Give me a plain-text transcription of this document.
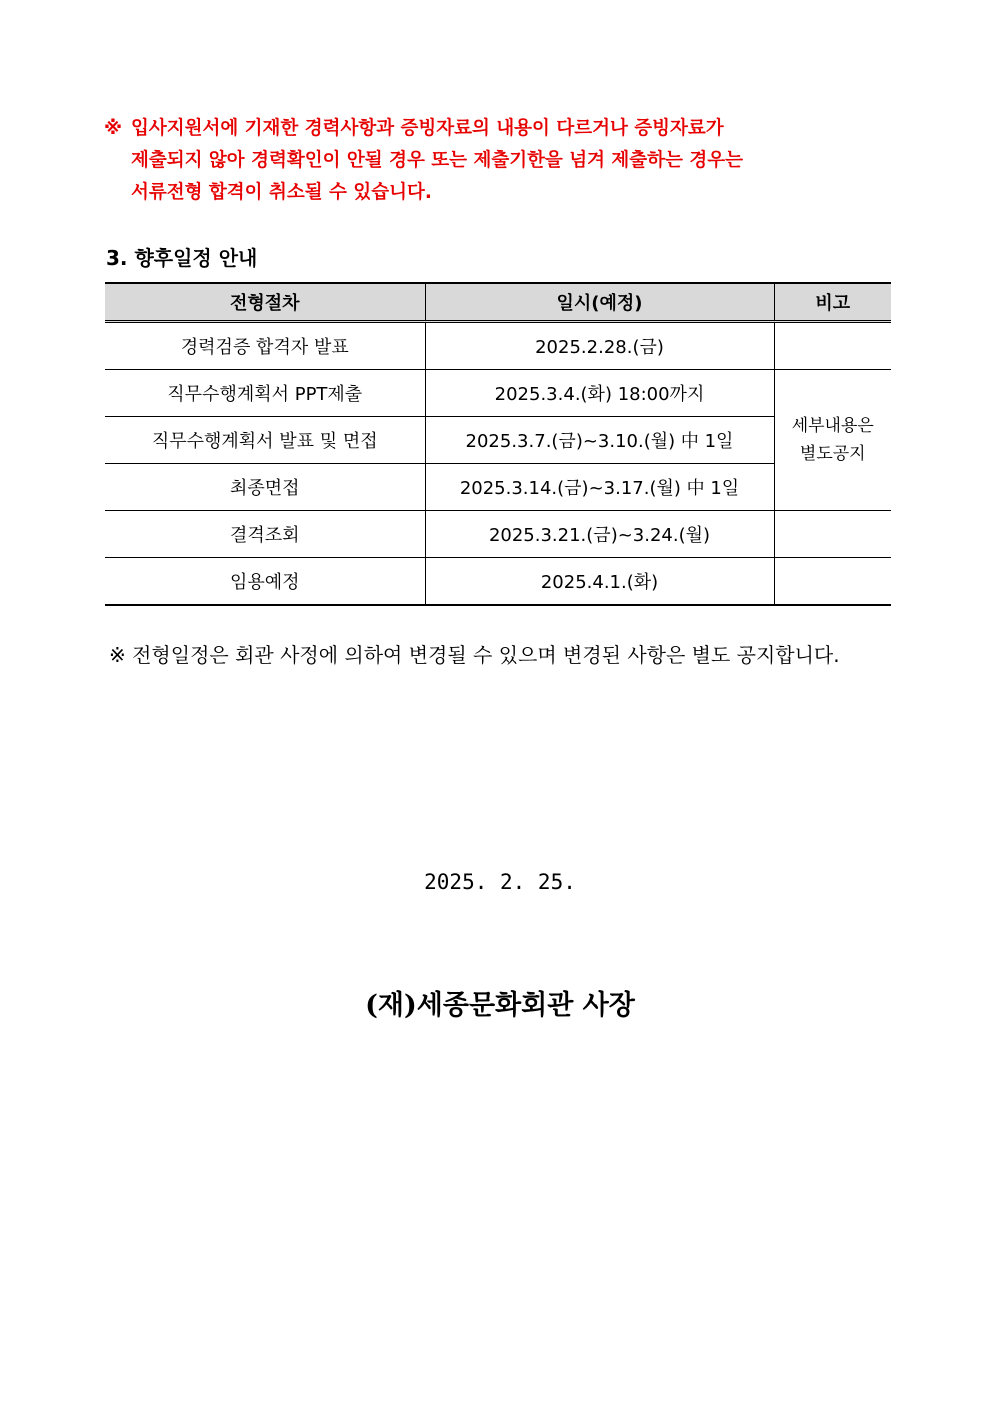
※ 입사지원서에 기재한 경력사항과 증빙자료의 내용이 다르거나 증빙자료가
제출되지 않아 경력확인이 안될 경우 또는 제출기한을 넘겨 제출하는 경우는
서류전형 합격이 취소될 수 있습니다.
3. 향후일정 안내
전형절차	일시(예정)	비고
경력검증 합격자 발표	2025.2.28.(금)	
직무수행계획서 PPT제출	2025.3.4.(화) 18:00까지	세부내용은
별도공지
직무수행계획서 발표 및 면접	2025.3.7.(금)~3.10.(월) 中 1일	
최종면접	2025.3.14.(금)~3.17.(월) 中 1일	
결격조회	2025.3.21.(금)~3.24.(월)	
임용예정	2025.4.1.(화)	
※ 전형일정은 회관 사정에 의하여 변경될 수 있으며 변경된 사항은 별도 공지합니다.
2025. 2. 25.
(재)세종문화회관 사장
